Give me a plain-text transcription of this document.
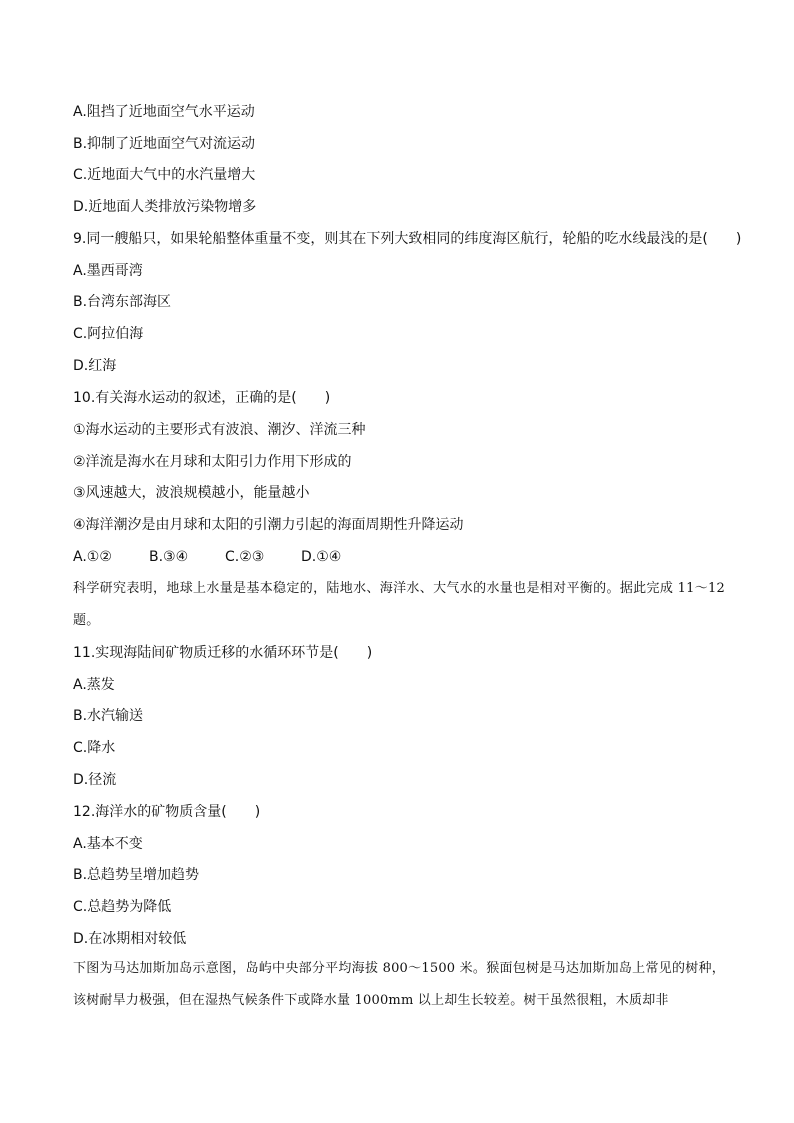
A.阻挡了近地面空气水平运动
B.抑制了近地面空气对流运动
C.近地面大气中的水汽量增大
D.近地面人类排放污染物增多
9.同一艘船只，如果轮船整体重量不变，则其在下列大致相同的纬度海区航行，轮船的吃水线最浅的是(　　)
A.墨西哥湾
B.台湾东部海区
C.阿拉伯海
D.红海
10.有关海水运动的叙述，正确的是(　　)
①海水运动的主要形式有波浪、潮汐、洋流三种
②洋流是海水在月球和太阳引力作用下形成的
③风速越大，波浪规模越小，能量越小
④海洋潮汐是由月球和太阳的引潮力引起的海面周期性升降运动
A.①②	B.③④	C.②③	D.①④
科学研究表明，地球上水量是基本稳定的，陆地水、海洋水、大气水的水量也是相对平衡的。据此完成 11～12题。
11.实现海陆间矿物质迁移的水循环环节是(　　)
A.蒸发
B.水汽输送
C.降水
D.径流
12.海洋水的矿物质含量(　　)
A.基本不变
B.总趋势呈增加趋势
C.总趋势为降低
D.在冰期相对较低
下图为马达加斯加岛示意图，岛屿中央部分平均海拔 800～1500 米。猴面包树是马达加斯加岛上常见的树种，该树耐旱力极强，但在湿热气候条件下或降水量 1000mm 以上却生长较差。树干虽然很粗，木质却非
